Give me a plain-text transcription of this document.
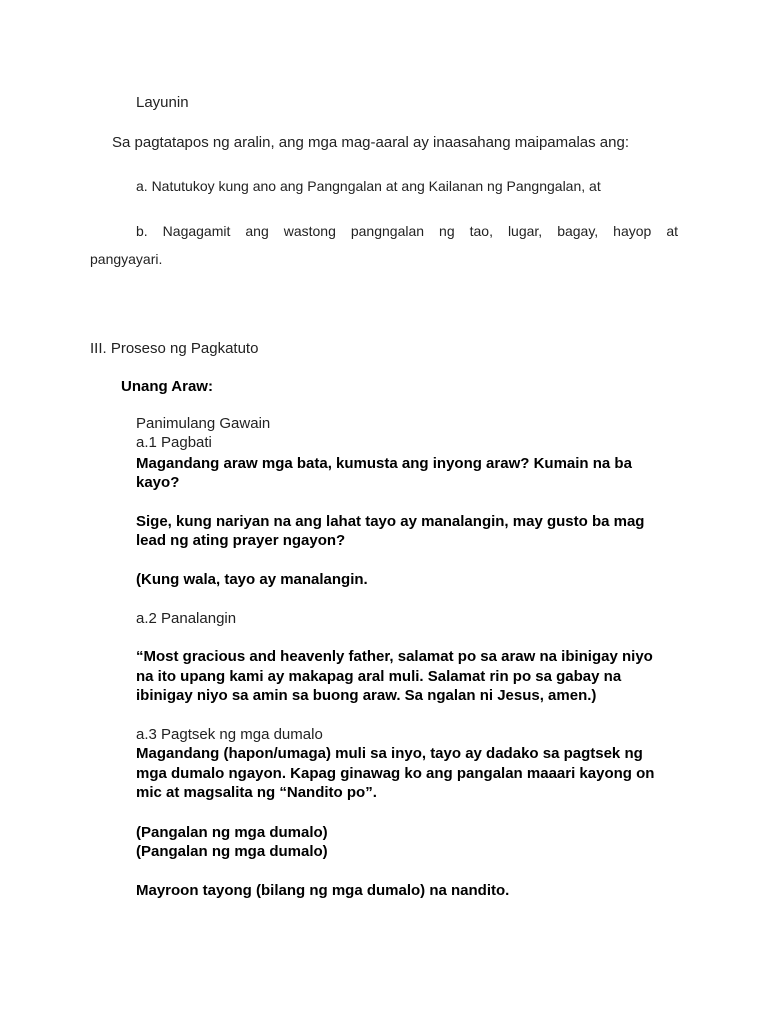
Layunin
Sa pagtatapos ng aralin, ang mga mag-aaral ay inaasahang maipamalas ang:
a. Natutukoy kung ano ang Pangngalan at ang Kailanan ng Pangngalan, at
b. Nagagamit ang wastong pangngalan ng tao, lugar, bagay, hayop at
pangyayari.
III. Proseso ng Pagkatuto
Unang Araw:
Panimulang Gawain
a.1 Pagbati
Magandang araw mga bata, kumusta ang inyong araw? Kumain na ba
kayo?
Sige, kung nariyan na ang lahat tayo ay manalangin, may gusto ba mag
lead ng ating prayer ngayon?
(Kung wala, tayo ay manalangin.
a.2 Panalangin
“Most gracious and heavenly father, salamat po sa araw na ibinigay niyo
na ito upang kami ay makapag aral muli. Salamat rin po sa gabay na
ibinigay niyo sa amin sa buong araw. Sa ngalan ni Jesus, amen.)
a.3 Pagtsek ng mga dumalo
Magandang (hapon/umaga) muli sa inyo, tayo ay dadako sa pagtsek ng
mga dumalo ngayon. Kapag ginawag ko ang pangalan maaari kayong on
mic at magsalita ng “Nandito po”.
(Pangalan ng mga dumalo)
(Pangalan ng mga dumalo)
Mayroon tayong (bilang ng mga dumalo) na nandito.
